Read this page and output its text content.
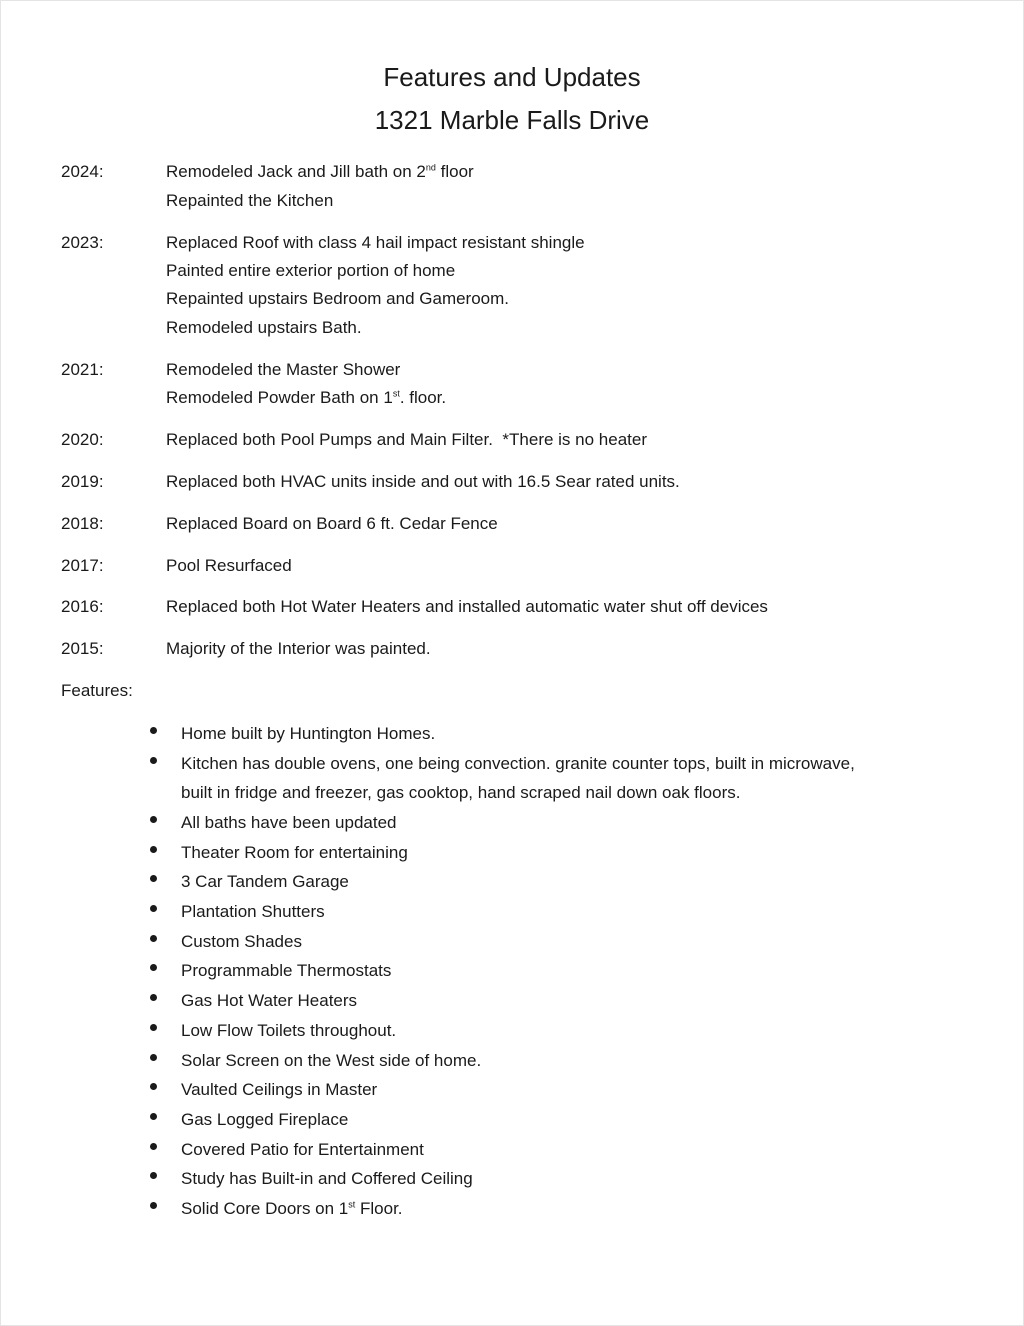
Features and Updates
1321 Marble Falls Drive
2024:	Remodeled Jack and Jill bath on 2nd floor
Repainted the Kitchen
2023:	Replaced Roof with class 4 hail impact resistant shingle
Painted entire exterior portion of home
Repainted upstairs Bedroom and Gameroom.
Remodeled upstairs Bath.
2021:	Remodeled the Master Shower
Remodeled Powder Bath on 1st. floor.
2020:	Replaced both Pool Pumps and Main Filter.  *There is no heater
2019:	Replaced both HVAC units inside and out with 16.5 Sear rated units.
2018:	Replaced Board on Board 6 ft. Cedar Fence
2017:	Pool Resurfaced
2016:	Replaced both Hot Water Heaters and installed automatic water shut off devices
2015:	Majority of the Interior was painted.
Features:
Home built by Huntington Homes.
Kitchen has double ovens, one being convection. granite counter tops, built in microwave,
built in fridge and freezer, gas cooktop, hand scraped nail down oak floors.
All baths have been updated
Theater Room for entertaining
3 Car Tandem Garage
Plantation Shutters
Custom Shades
Programmable Thermostats
Gas Hot Water Heaters
Low Flow Toilets throughout.
Solar Screen on the West side of home.
Vaulted Ceilings in Master
Gas Logged Fireplace
Covered Patio for Entertainment
Study has Built-in and Coffered Ceiling
Solid Core Doors on 1st Floor.
